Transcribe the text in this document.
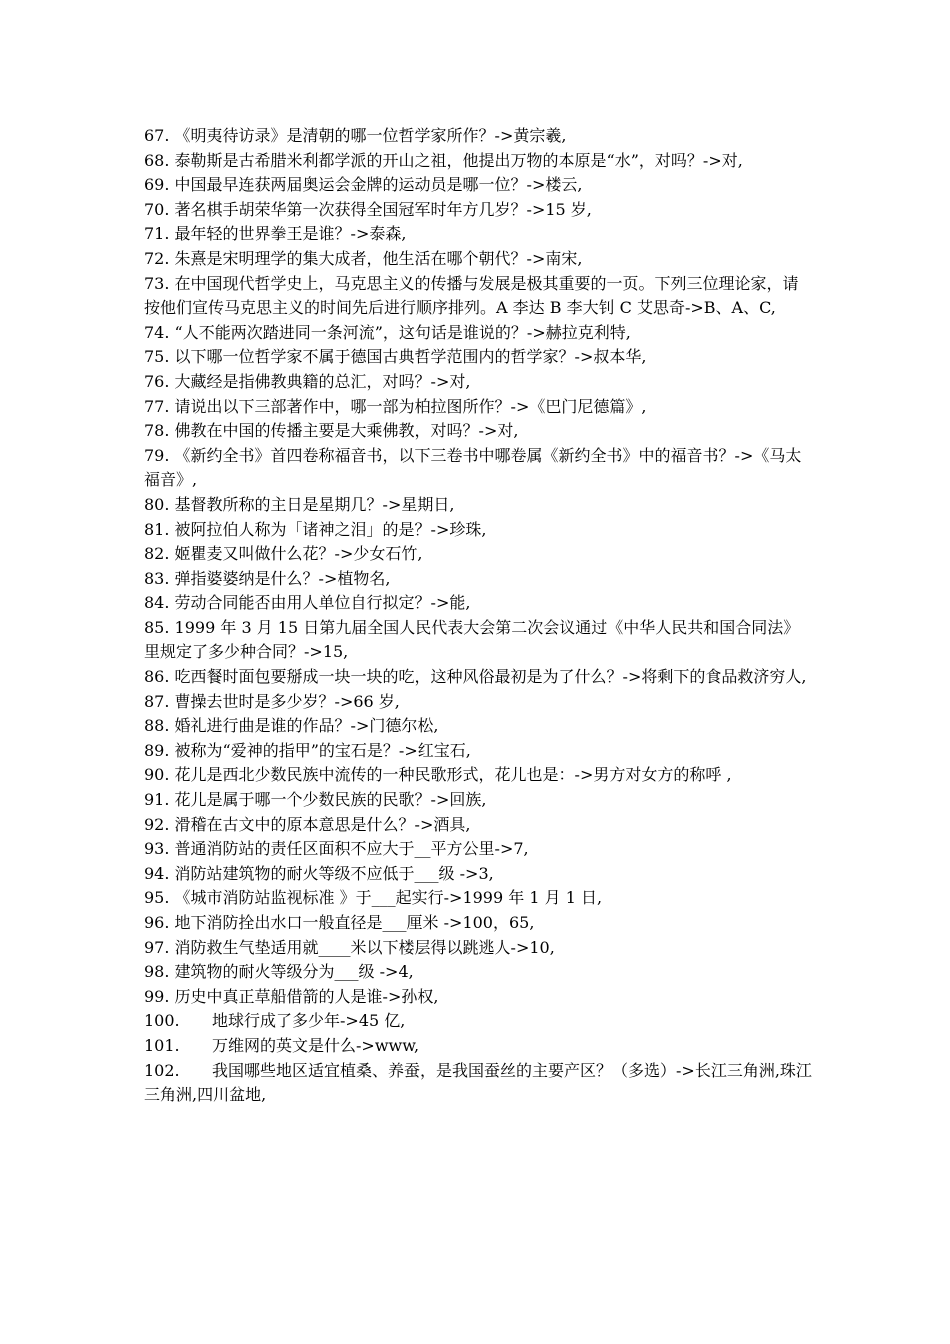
67. 《明夷待访录》是清朝的哪一位哲学家所作？->黄宗羲,

68. 泰勒斯是古希腊米利都学派的开山之祖，他提出万物的本原是“水”，对吗？->对,

69. 中国最早连获两届奥运会金牌的运动员是哪一位？->楼云,

70. 著名棋手胡荣华第一次获得全国冠军时年方几岁？->15 岁,

71. 最年轻的世界拳王是谁？->泰森,

72. 朱熹是宋明理学的集大成者，他生活在哪个朝代？->南宋,

73. 在中国现代哲学史上，马克思主义的传播与发展是极其重要的一页。下列三位理论家，请按他们宣传马克思主义的时间先后进行顺序排列。A 李达 B 李大钊 C 艾思奇->B、A、C,

74. “人不能两次踏进同一条河流”，这句话是谁说的？->赫拉克利特,

75. 以下哪一位哲学家不属于德国古典哲学范围内的哲学家？->叔本华,

76. 大藏经是指佛教典籍的总汇，对吗？->对,

77. 请说出以下三部著作中，哪一部为柏拉图所作？->《巴门尼德篇》,

78. 佛教在中国的传播主要是大乘佛教，对吗？->对,

79. 《新约全书》首四卷称福音书，以下三卷书中哪卷属《新约全书》中的福音书？->《马太福音》,

80. 基督教所称的主日是星期几？->星期日,

81. 被阿拉伯人称为「诸神之泪」的是？->珍珠,

82. 姬瞿麦又叫做什么花？->少女石竹,

83. 弹指婆婆纳是什么？->植物名,

84. 劳动合同能否由用人单位自行拟定？->能,

85. 1999 年 3 月 15 日第九届全国人民代表大会第二次会议通过《中华人民共和国合同法》里规定了多少种合同？->15,

86. 吃西餐时面包要掰成一块一块的吃，这种风俗最初是为了什么？->将剩下的食品救济穷人,

87. 曹操去世时是多少岁？->66 岁,

88. 婚礼进行曲是谁的作品？->门德尔松,

89. 被称为“爱神的指甲”的宝石是？->红宝石,

90. 花儿是西北少数民族中流传的一种民歌形式，花儿也是：->男方对女方的称呼 ,

91. 花儿是属于哪一个少数民族的民歌？->回族,

92. 滑稽在古文中的原本意思是什么？->酒具,

93. 普通消防站的责任区面积不应大于__平方公里->7,

94. 消防站建筑物的耐火等级不应低于___级 ->3,

95. 《城市消防站监视标准 》于___起实行->1999 年 1 月 1 日,

96. 地下消防拴出水口一般直径是___厘米 ->100，65,

97. 消防救生气垫适用就____米以下楼层得以跳逃人->10,

98. 建筑物的耐火等级分为___级 ->4,

99. 历史中真正草船借箭的人是谁->孙权,

100. 地球行成了多少年->45 亿,

101. 万维网的英文是什么->www,

102. 我国哪些地区适宜植桑、养蚕，是我国蚕丝的主要产区？（多选）->长江三角洲,珠江三角洲,四川盆地,
